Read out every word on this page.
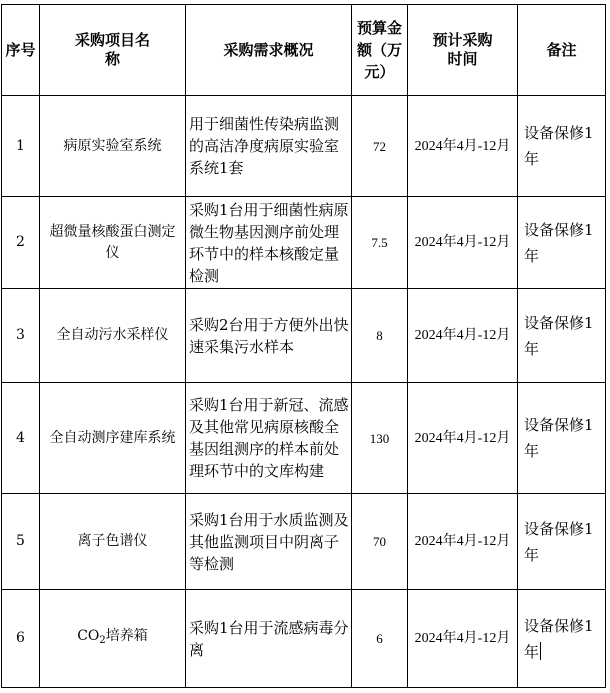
序号	采购项目名称	采购需求概况	预算金额（万元）	预计采购时间	备注
1	病原实验室系统	用于细菌性传染病监测的高洁净度病原实验室系统1套	72	2024年4月-12月	设备保修1年
2	超微量核酸蛋白测定仪	采购1台用于细菌性病原微生物基因测序前处理环节中的样本核酸定量检测	7.5	2024年4月-12月	设备保修1年
3	全自动污水采样仪	采购2台用于方便外出快速采集污水样本	8	2024年4月-12月	设备保修1年
4	全自动测序建库系统	采购1台用于新冠、流感及其他常见病原核酸全基因组测序的样本前处理环节中的文库构建	130	2024年4月-12月	设备保修1年
5	离子色谱仪	采购1台用于水质监测及其他监测项目中阴离子等检测	70	2024年4月-12月	设备保修1年
6	$CO_2$培养箱	采购1台用于流感病毒分离	6	2024年4月-12月	设备保修1年
